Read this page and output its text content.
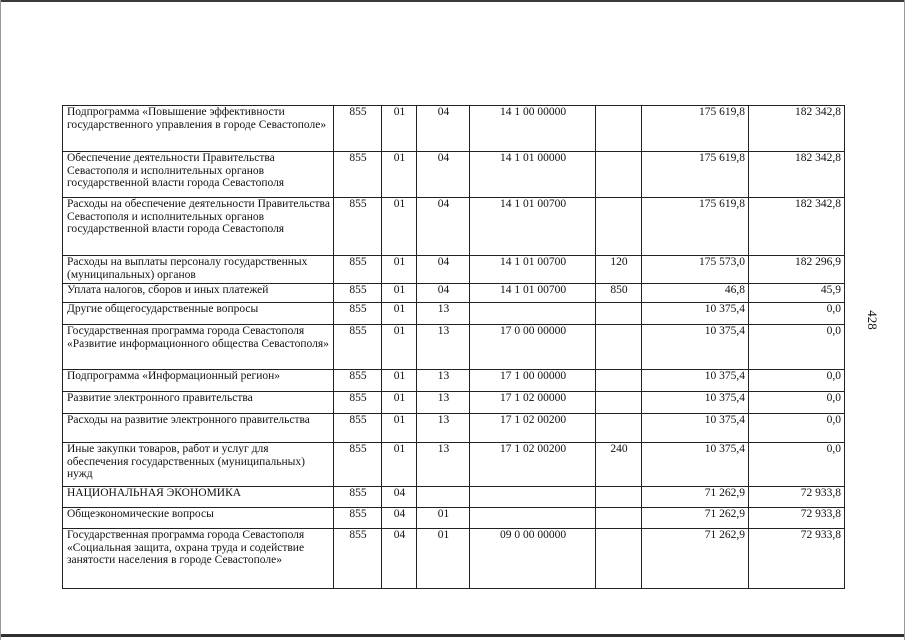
428
Подпрограмма «Повышение эффективности государственного управления в городе Севастополе»	855	01	04	14 1 00 00000		175 619,8	182 342,8
Обеспечение деятельности Правительства Севастополя и исполнительных органов государственной власти города Севастополя	855	01	04	14 1 01 00000		175 619,8	182 342,8
Расходы на обеспечение деятельности Правительства Севастополя и исполнительных органов государственной власти города Севастополя	855	01	04	14 1 01 00700		175 619,8	182 342,8
Расходы на выплаты персоналу государственных (муниципальных) органов	855	01	04	14 1 01 00700	120	175 573,0	182 296,9
Уплата налогов, сборов и иных платежей	855	01	04	14 1 01 00700	850	46,8	45,9
Другие общегосударственные вопросы	855	01	13			10 375,4	0,0
Государственная программа города Севастополя «Развитие информационного общества Севастополя»	855	01	13	17 0 00 00000		10 375,4	0,0
Подпрограмма «Информационный регион»	855	01	13	17 1 00 00000		10 375,4	0,0
Развитие электронного правительства	855	01	13	17 1 02 00000		10 375,4	0,0
Расходы на развитие электронного правительства	855	01	13	17 1 02 00200		10 375,4	0,0
Иные закупки товаров, работ и услуг для обеспечения государственных (муниципальных) нужд	855	01	13	17 1 02 00200	240	10 375,4	0,0
НАЦИОНАЛЬНАЯ ЭКОНОМИКА	855	04				71 262,9	72 933,8
Общеэкономические вопросы	855	04	01			71 262,9	72 933,8
Государственная программа города Севастополя «Социальная защита, охрана труда и содействие занятости населения в городе Севастополе»	855	04	01	09 0 00 00000		71 262,9	72 933,8
